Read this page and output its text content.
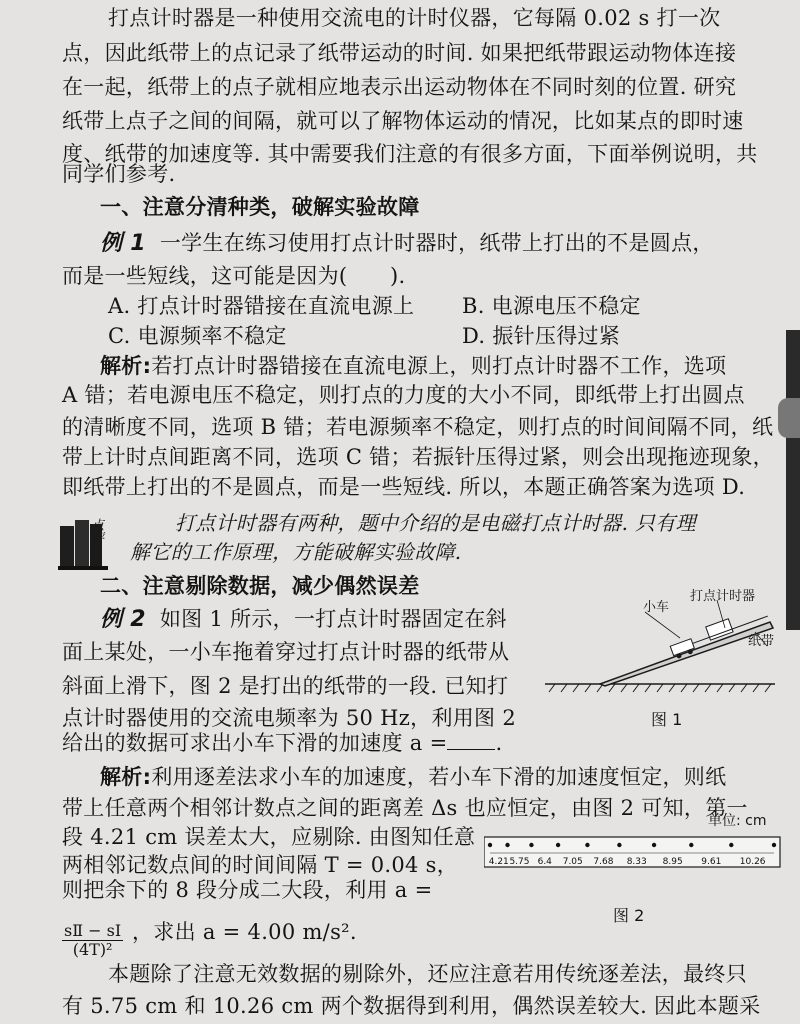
打点计时器是一种使用交流电的计时仪器，它每隔 0.02 s 打一次
点，因此纸带上的点记录了纸带运动的时间. 如果把纸带跟运动物体连接
在一起，纸带上的点子就相应地表示出运动物体在不同时刻的位置. 研究
纸带上点子之间的间隔，就可以了解物体运动的情况，比如某点的即时速
度、纸带的加速度等. 其中需要我们注意的有很多方面，下面举例说明，共
同学们参考.
一、注意分清种类，破解实验故障
例 1 一学生在练习使用打点计时器时，纸带上打出的不是圆点，
而是一些短线，这可能是因为(　　).
A. 打点计时器错接在直流电源上 B. 电源电压不稳定
C. 电源频率不稳定	D. 振针压得过紧
解析:若打点计时器错接在直流电源上，则打点计时器不工作，选项
A 错；若电源电压不稳定，则打点的力度的大小不同，即纸带上打出圆点
的清晰度不同，选项 B 错；若电源频率不稳定，则打点的时间间隔不同，纸
带上计时点间距离不同，选项 C 错；若振针压得过紧，则会出现拖迹现象，
即纸带上打出的不是圆点，而是一些短线. 所以，本题正确答案为选项 D.
点评	打点计时器有两种，题中介绍的是电磁打点计时器. 只有理
解它的工作原理，方能破解实验故障.
二、注意剔除数据，减少偶然误差
例 2 如图 1 所示，一打点计时器固定在斜
面上某处，一小车拖着穿过打点计时器的纸带从
斜面上滑下，图 2 是打出的纸带的一段. 已知打
点计时器使用的交流电频率为 50 Hz，利用图 2
给出的数据可求出小车下滑的加速度 a = .
小车
打点计时器
纸带
图 1
解析:利用逐差法求小车的加速度，若小车下滑的加速度恒定，则纸
带上任意两个相邻计数点之间的距离差 Δs 也应恒定，由图 2 可知，第一
段 4.21 cm 误差太大，应剔除. 由图知任意
两相邻记数点间的时间间隔 T = 0.04 s，
则把余下的 8 段分成二大段，利用 a =
$\frac{\text{sⅡ − sⅠ}}{\text{(4T)²}}$ ，求出 a = 4.00 m/s².
单位: cm
4.21 5.75 6.4 7.05 7.68 8.33 8.95 9.61 10.26
图 2
本题除了注意无效数据的剔除外，还应注意若用传统逐差法，最终只
有 5.75 cm 和 10.26 cm 两个数据得到利用，偶然误差较大. 因此本题采
